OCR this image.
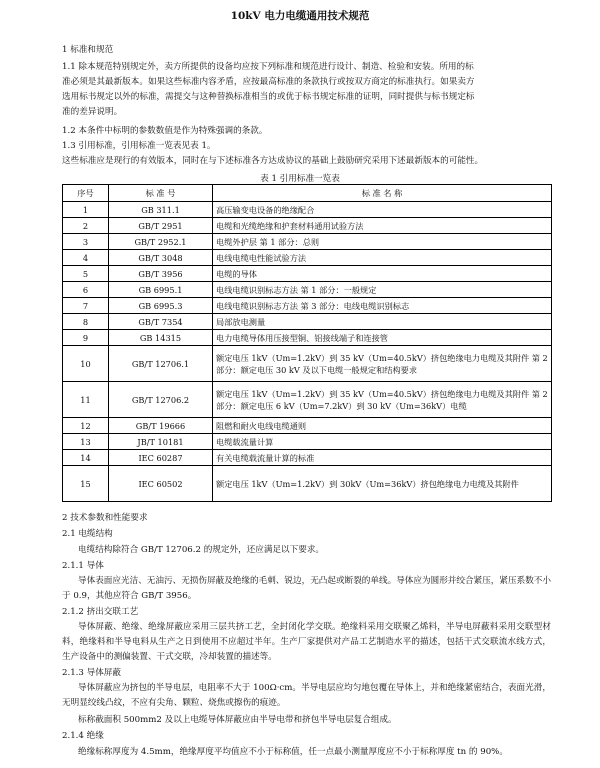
10kV 电力电缆通用技术规范
1 标准和规范
1.1 除本规范特别规定外，卖方所提供的设备均应按下列标准和规范进行设计、制造、检验和安装。所用的标
准必须是其最新版本。如果这些标准内容矛盾，应按最高标准的条款执行或按双方商定的标准执行。如果卖方
选用标书规定以外的标准，需提交与这种替换标准相当的或优于标书规定标准的证明，同时提供与标书规定标
准的差异说明。
1.2 本条件中标明的参数数值是作为特殊强调的条款。
1.3 引用标准，引用标准一览表见表 1。
这些标准应是现行的有效版本，同时在与下述标准各方达成协议的基础上鼓励研究采用下述最新版本的可能性。
表 1 引用标准一览表
序号	标 准 号	标 准 名 称
1	GB 311.1	高压输变电设备的绝缘配合
2	GB/T 2951	电缆和光缆绝缘和护套材料通用试验方法
3	GB/T 2952.1	电缆外护层 第 1 部分：总则
4	GB/T 3048	电线电缆电性能试验方法
5	GB/T 3956	电缆的导体
6	GB 6995.1	电线电缆识别标志方法 第 1 部分：一般规定
7	GB 6995.3	电线电缆识别标志方法 第 3 部分：电线电缆识别标志
8	GB/T 7354	局部放电测量
9	GB 14315	电力电缆导体用压接型铜、铝接线端子和连接管
10	GB/T 12706.1	额定电压 1kV（Um=1.2kV）到 35 kV（Um=40.5kV）挤包绝缘电力电缆及其附件 第 2 部分：额定电压 30 kV 及以下电缆一般规定和结构要求
11	GB/T 12706.2	额定电压 1kV（Um=1.2kV）到 35 kV（Um=40.5kV）挤包绝缘电力电缆及其附件 第 2 部分：额定电压 6 kV（Um=7.2kV）到 30 kV（Um=36kV）电缆
12	GB/T 19666	阻燃和耐火电线电缆通则
13	JB/T 10181	电缆载流量计算
14	IEC 60287	有关电缆载流量计算的标准
15	IEC 60502	额定电压 1kV（Um=1.2kV）到 30kV（Um=36kV）挤包绝缘电力电缆及其附件
2 技术参数和性能要求
2.1 电缆结构
电缆结构除符合 GB/T 12706.2 的规定外，还应满足以下要求。
2.1.1 导体
导体表面应光洁、无油污、无损伤屏蔽及绝缘的毛刺、锐边，无凸起或断裂的单线。导体应为圆形并绞合紧压，紧压系数不小于 0.9，其他应符合 GB/T 3956。
2.1.2 挤出交联工艺
导体屏蔽、绝缘、绝缘屏蔽应采用三层共挤工艺，全封闭化学交联。绝缘料采用交联聚乙烯料，半导电屏蔽料采用交联型材料，绝缘料和半导电料从生产之日到使用不应超过半年。生产厂家提供对产品工艺制造水平的描述，包括干式交联流水线方式，生产设备中的测偏装置、干式交联，冷却装置的描述等。
2.1.3 导体屏蔽
导体屏蔽应为挤包的半导电层，电阻率不大于 100Ω·cm。半导电层应均匀地包覆在导体上，并和绝缘紧密结合，表面光滑，无明显绞线凸纹，不应有尖角、颗粒、烧焦或擦伤的痕迹。
标称截面积 500mm2 及以上电缆导体屏蔽应由半导电带和挤包半导电层复合组成。
2.1.4 绝缘
绝缘标称厚度为 4.5mm，绝缘厚度平均值应不小于标称值，任一点最小测量厚度应不小于标称厚度 tn 的 90%。
